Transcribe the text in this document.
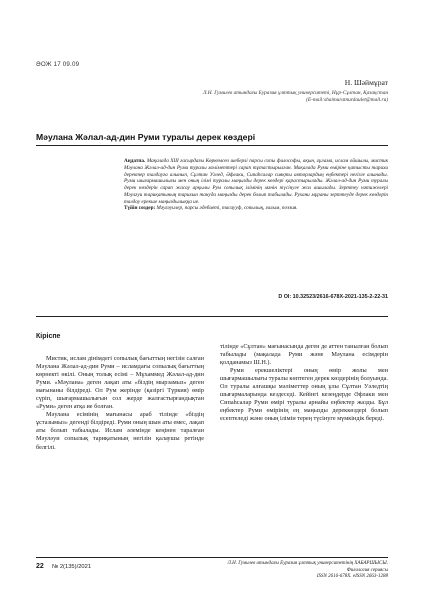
ӘОЖ 17 09.09
Н. Шәймұрат
Л.Н. Гумилев атындағы Еуразия ұлттық университеті, Нұр-Сұлтан, Қазақстан
(E-mail:shaimuratnurdaulet@mail.ru)
Мәулана Жәлал-ад-дин Руми туралы дерек көздері

Аңдатпа. Мақалада XIII ғасырдағы Көркемсөз шеберлі парсы сопы философы, ақын, ғұлама, ислам ойшылы, мистик Мәулана Жәлал-ад-дин Руми туралы мәліметтері сарап тұтастырылған. Мақалада Руми өміріне қатысты тарихи деректер талдауға алынып, Сұлтан Уәлед, Әфлаки, Сипаһсалар сияқты авторлардың еңбектері негізге алынады. Руми шығармашылығы мен оның ілімі туралы маңызды дерек көздері қарастырылады. Жәлал-ад-дин Руми туралы дерек көздерін сарап жасау арқылы Рум сопылық ілімінің мәнін түсінуге жол ашылады. Зерттеу нәтижелері Мәуләуи тариқатының тарихын тануда маңызды дерек болып табылады. Рухани мұраны зерттеуде дерек көздерін талдау ерекше маңыздылыққа ие.

Түйін сөздер: Мәуләуилер, парсы әдебиеті, тасаууф, сопылық, ғалым, поэзия.

D OI: 10.32523/2616-678X-2021-135-2-22-31
Кіріспе

Мистик, ислам дінімдегі сопылық бағыттың негізін салған Мәулана Жәлал-ад-дин Руми – исламдағы сопылық бағыттың көрнекті өкілі. Оның толық есімі – Мұхаммед Жәлал-ад-дин Руми. «Мәулана» деген лақап аты «біздің мырзамыз» деген мағынаны білдіреді. Ол Рум жерінде (қазіргі Түркия) өмір сүріп, шығармашылығын сол жерде жалғастырғандықтан «Руми» деген атқа ие болған.

Мәулана есімінің мағынасы араб тілінде «біздің ұстазымыз» дегенді білдіреді. Руми оның шын аты емес, лақап аты болып табылады. Ислам әлемінде кеңінен таралған Мәуләуи сопылық тариқатының негізін қалаушы ретінде белгілі.

тілінде «Сұлтан» мағынасында деген де аттен танылған болып табылады (мақалада Руми және Мәулана есімдерін қолданамыз Ш.Н.).

Руми ерекшеліктері оның өмір жолы мен шығармашылығы туралы көптеген дерек көздерінің болуында. Ол туралы алғашқы мәліметтер оның ұлы Сұлтан Уәледтің шығармаларында кездеседі. Кейінгі кезеңдерде Әфлаки мен Сипаһсалар Руми өмірі туралы арнайы еңбектер жазды. Бұл еңбектер Руми өмірінің ең маңызды дереккөздері болып есептеледі және оның ілімін терең түсінуге мүмкіндік береді.

22 № 2(135)/2021
Л.Н. Гумилев атындағы Еуразия ұлттық университетінің ХАБАРШЫСЫ.
Филология сериясы
ISSN 2616-678X. eISSN 2663-1288
